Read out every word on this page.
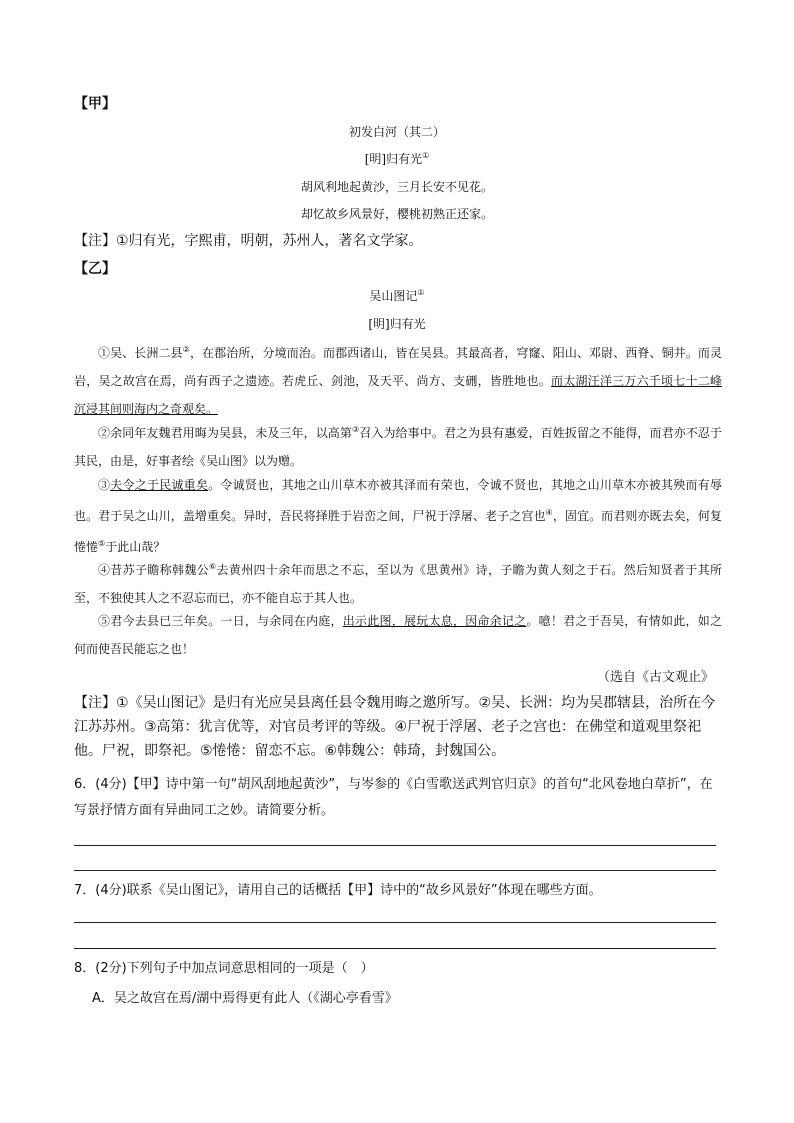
【甲】
初发白河（其二）
[明]归有光①
胡风利地起黄沙，三月长安不见花。
却忆故乡风景好，樱桃初熟正还家。
【注】①归有光，字熙甫，明朝，苏州人，著名文学家。
【乙】
吴山图记①
[明]归有光
①吴、长洲二县②，在郡治所，分境而治。而郡西诸山，皆在吴县。其最高者，穹窿、阳山、邓尉、西脊、铜井。而灵岩，吴之故宫在焉，尚有西子之遗迹。若虎丘、剑池，及天平、尚方、支硎，皆胜地也。而太湖汪洋三万六千顷七十二峰沉浸其间则海内之奇观矣。
②余同年友魏君用晦为吴县，未及三年，以高第③召入为给事中。君之为县有惠爱，百姓扳留之不能得，而君亦不忍于其民，由是，好事者绘《吴山图》以为赠。
③夫令之于民诚重矣。令诚贤也，其地之山川草木亦被其泽而有荣也，令诚不贤也，其地之山川草木亦被其殃而有辱也。君于吴之山川，盖增重矣。异时，吾民将择胜于岩峦之间，尸祝于浮屠、老子之宫也④，固宜。而君则亦既去矣，何复惓惓⑤于此山哉？
④昔苏子瞻称韩魏公⑥去黄州四十余年而思之不忘，至以为《思黄州》诗，子瞻为黄人刻之于石。然后知贤者于其所至，不独使其人之不忍忘而已，亦不能自忘于其人也。
⑤君今去县已三年矣。一日，与余同在内庭，出示此图，展玩太息，因命余记之。噫！君之于吾吴，有情如此，如之何而使吾民能忘之也！
（选自《古文观止》
【注】①《吴山图记》是归有光应吴县离任县令魏用晦之邀所写。②吴、长洲：均为吴郡辖县，治所在今江苏苏州。③高第：犹言优等，对官员考评的等级。④尸祝于浮屠、老子之宫也：在佛堂和道观里祭祀他。尸祝，即祭祀。⑤惓惓：留恋不忘。⑥韩魏公：韩琦，封魏国公。
6．(4分)【甲】诗中第一句“胡风刮地起黄沙”，与岑参的《白雪歌送武判官归京》的首句“北风卷地白草折”，在写景抒情方面有异曲同工之妙。请简要分析。
7．(4分)联系《吴山图记》，请用自己的话概括【甲】诗中的“故乡风景好”体现在哪些方面。
8．(2分)下列句子中加点词意思相同的一项是（　）
A．吴之故宫在焉/湖中焉得更有此人（《湖心亭看雪》
